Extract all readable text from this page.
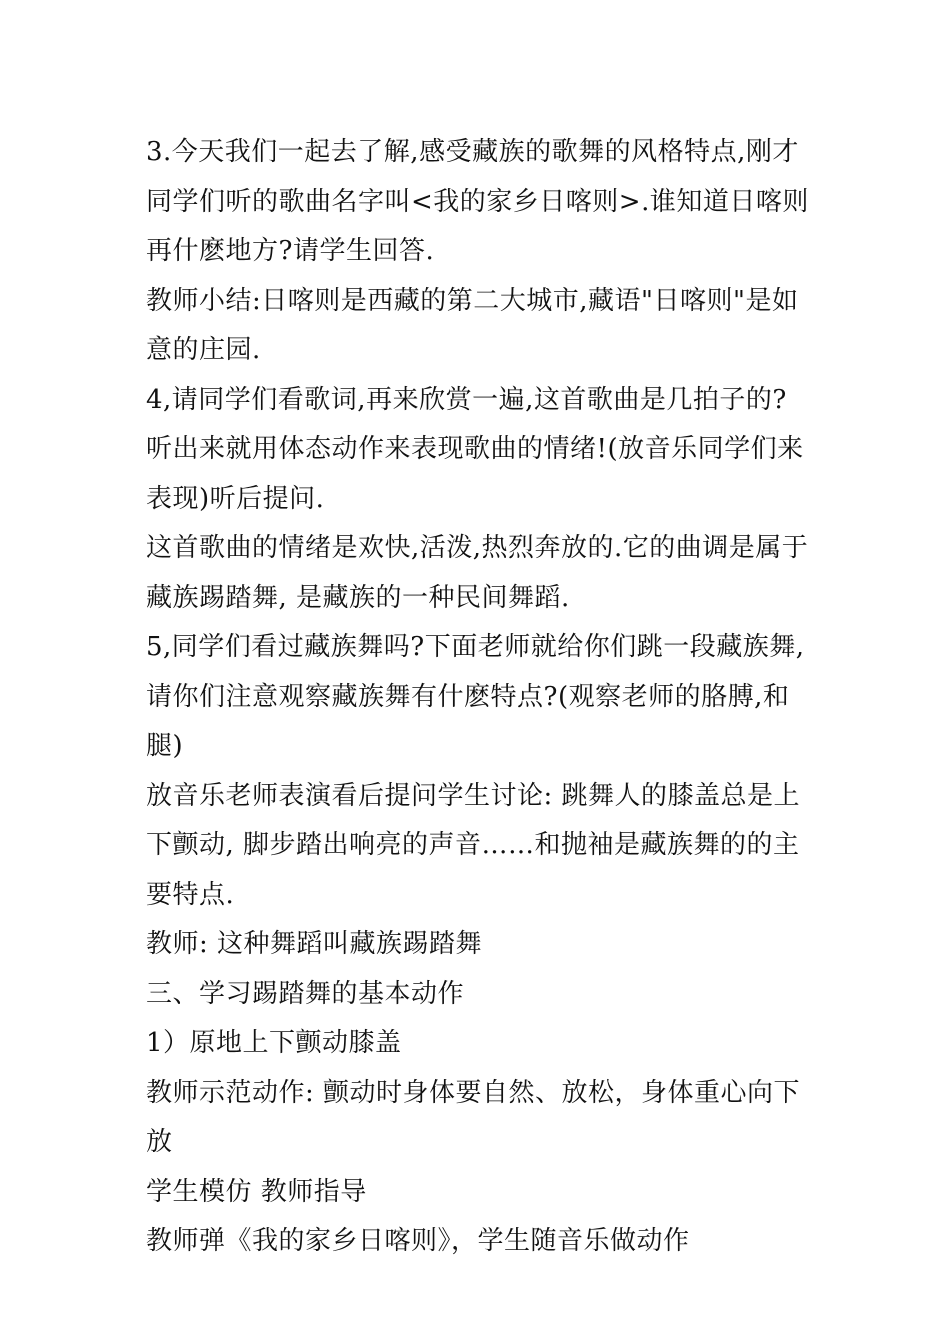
3.今天我们一起去了解,感受藏族的歌舞的风格特点,刚才同学们听的歌曲名字叫<我的家乡日喀则>.谁知道日喀则再什麽地方?请学生回答.

教师小结:日喀则是西藏的第二大城市,藏语"日喀则"是如意的庄园.

4,请同学们看歌词,再来欣赏一遍,这首歌曲是几拍子的?听出来就用体态动作来表现歌曲的情绪!(放音乐同学们来表现)听后提问.

这首歌曲的情绪是欢快,活泼,热烈奔放的.它的曲调是属于藏族踢踏舞, 是藏族的一种民间舞蹈.

5,同学们看过藏族舞吗?下面老师就给你们跳一段藏族舞,请你们注意观察藏族舞有什麽特点?(观察老师的胳膊,和腿)

放音乐老师表演看后提问学生讨论: 跳舞人的膝盖总是上下颤动, 脚步踏出响亮的声音……和抛袖是藏族舞的的主要特点.

教师: 这种舞蹈叫藏族踢踏舞

三、学习踢踏舞的基本动作

1）原地上下颤动膝盖

教师示范动作: 颤动时身体要自然、放松，身体重心向下放

学生模仿 教师指导

教师弹《我的家乡日喀则》，学生随音乐做动作
